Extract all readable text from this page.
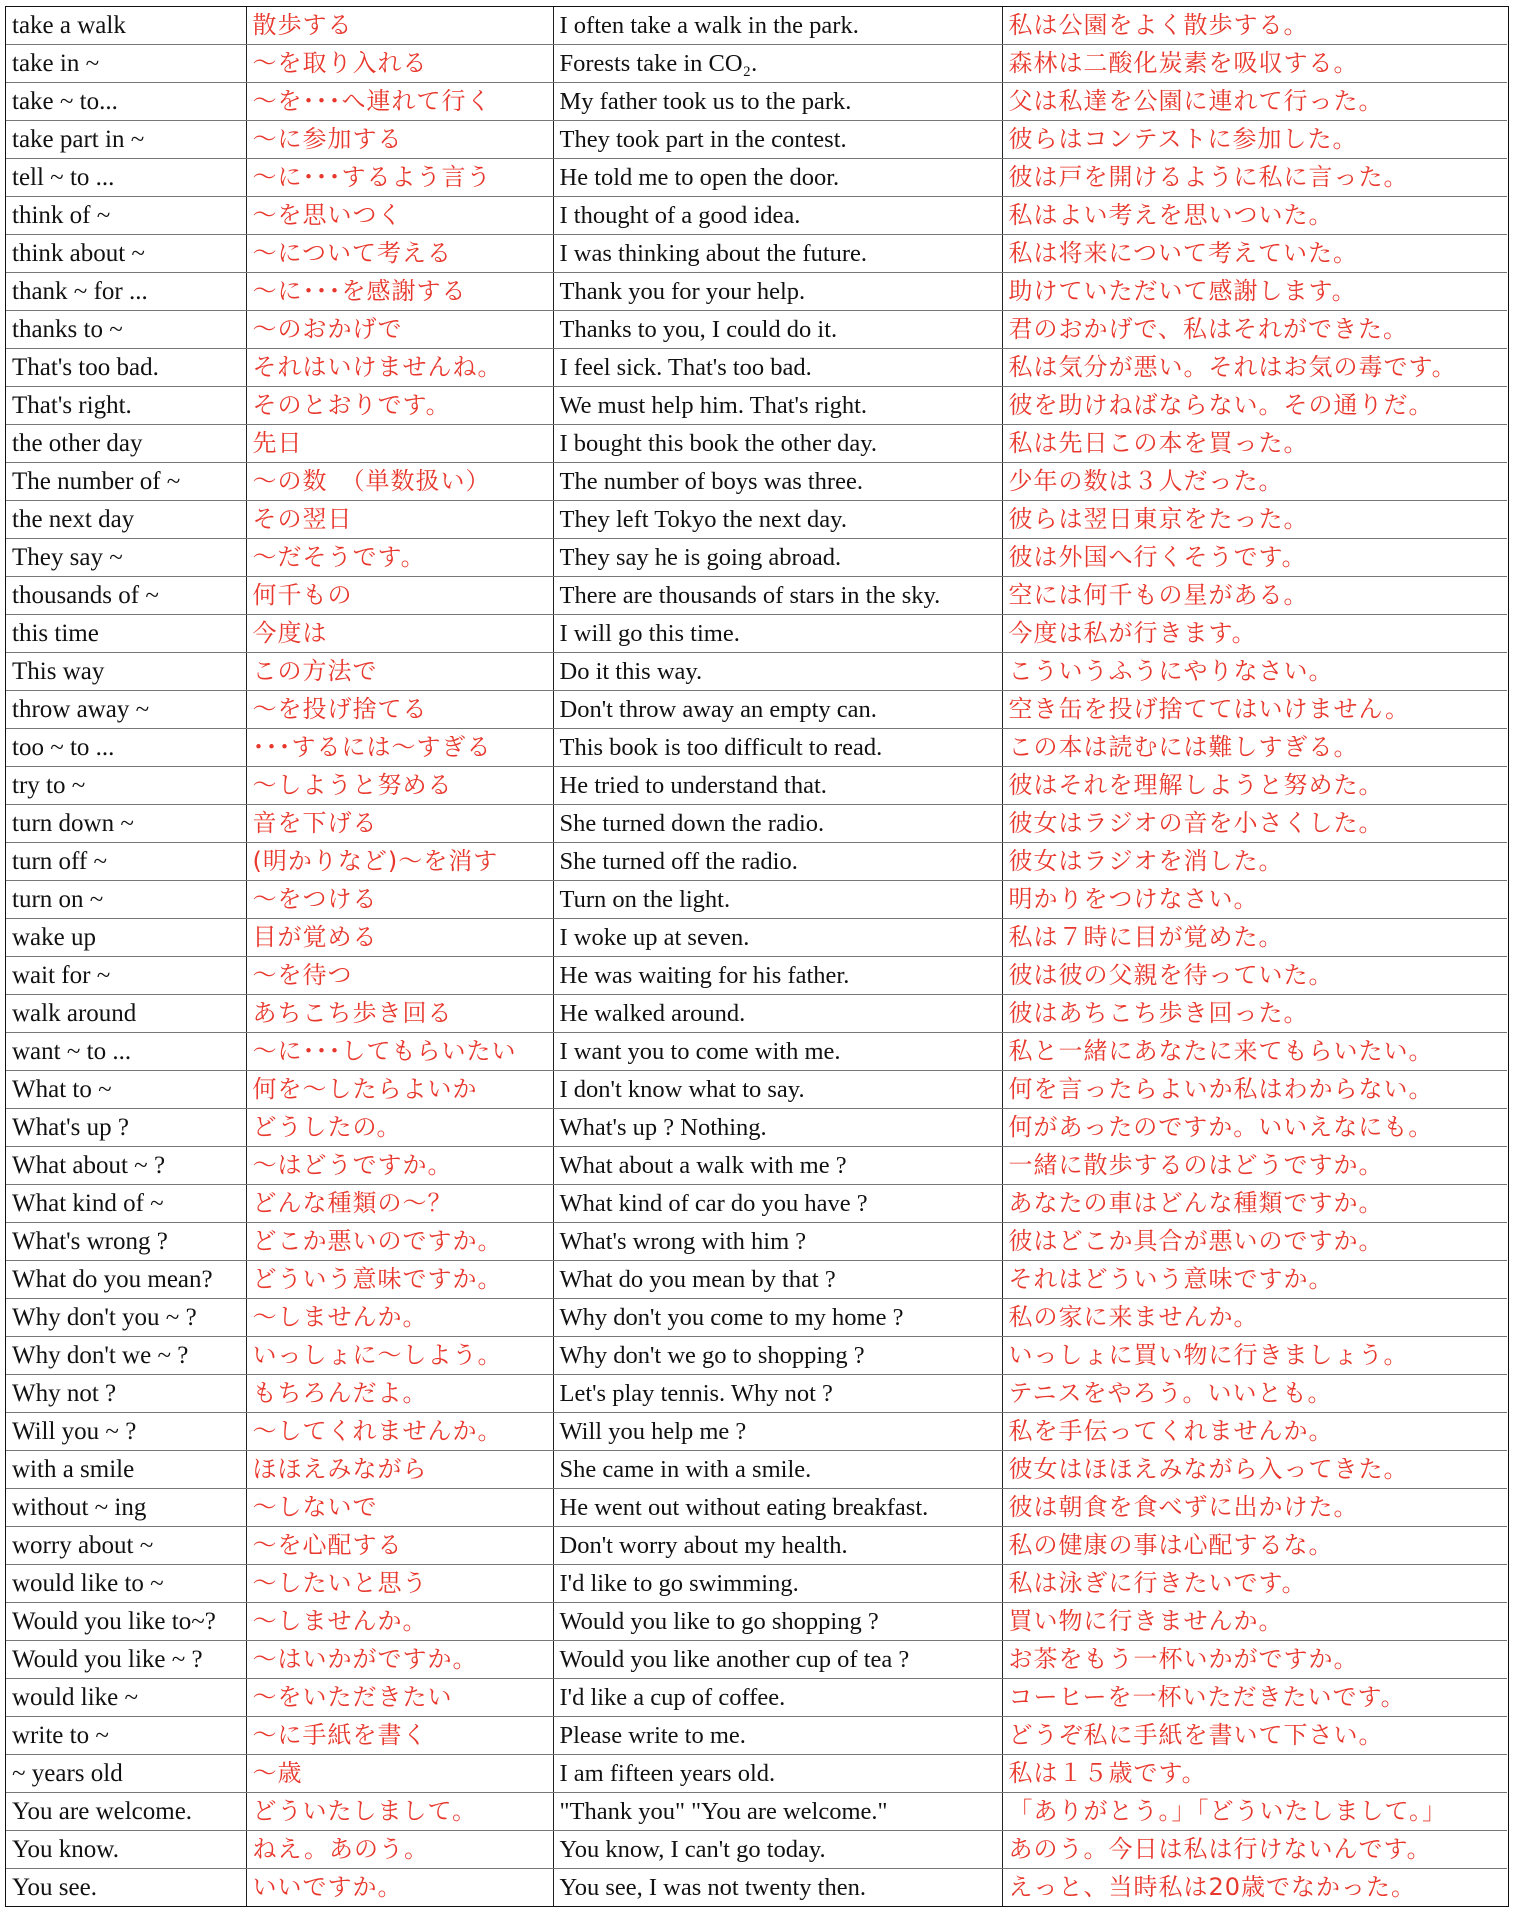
take a walk	散歩する	I often take a walk in the park.	私は公園をよく散歩する。
take in ~	～を取り入れる	Forests take in CO₂.	森林は二酸化炭素を吸収する。
take ~ to...	～を･･･へ連れて行く	My father took us to the park.	父は私達を公園に連れて行った。
take part in ~	～に参加する	They took part in the contest.	彼らはコンテストに参加した。
tell ~ to ...	～に･･･するよう言う	He told me to open the door.	彼は戸を開けるように私に言った。
think of ~	～を思いつく	I thought of a good idea.	私はよい考えを思いついた。
think about ~	～について考える	I was thinking about the future.	私は将来について考えていた。
thank ~ for ...	～に･･･を感謝する	Thank you for your help.	助けていただいて感謝します。
thanks to ~	～のおかげで	Thanks to you, I could do it.	君のおかげで、私はそれができた。
That's too bad.	それはいけませんね。	I feel sick. That's too bad.	私は気分が悪い。それはお気の毒です。
That's right.	そのとおりです。	We must help him. That's right.	彼を助けねばならない。その通りだ。
the other day	先日	I bought this book the other day.	私は先日この本を買った。
The number of ~	～の数　（単数扱い）	The number of boys was three.	少年の数は３人だった。
the next day	その翌日	They left Tokyo the next day.	彼らは翌日東京をたった。
They say ~	～だそうです。	They say he is going abroad.	彼は外国へ行くそうです。
thousands of ~	何千もの	There are thousands of stars in the sky.	空には何千もの星がある。
this time	今度は	I will go this time.	今度は私が行きます。
This way	この方法で	Do it this way.	こういうふうにやりなさい。
throw away ~	～を投げ捨てる	Don't throw away an empty can.	空き缶を投げ捨ててはいけません。
too ~ to ...	･･･するには～すぎる	This book is too difficult to read.	この本は読むには難しすぎる。
try to ~	～しようと努める	He tried to understand that.	彼はそれを理解しようと努めた。
turn down ~	音を下げる	She turned down the radio.	彼女はラジオの音を小さくした。
turn off ~	(明かりなど)～を消す	She turned off the radio.	彼女はラジオを消した。
turn on ~	～をつける	Turn on the light.	明かりをつけなさい。
wake up	目が覚める	I woke up at seven.	私は７時に目が覚めた。
wait for ~	～を待つ	He was waiting for his father.	彼は彼の父親を待っていた。
walk around	あちこち歩き回る	He walked around.	彼はあちこち歩き回った。
want ~ to ...	～に･･･してもらいたい	I want you to come with me.	私と一緒にあなたに来てもらいたい。
What to ~	何を～したらよいか	I don't know what to say.	何を言ったらよいか私はわからない。
What's up ?	どうしたの。	What's up ? Nothing.	何があったのですか。いいえなにも。
What about ~ ?	～はどうですか。	What about a walk with me ?	一緒に散歩するのはどうですか。
What kind of ~	どんな種類の～？	What kind of car do you have ?	あなたの車はどんな種類ですか。
What's wrong ?	どこか悪いのですか。	What's wrong with him ?	彼はどこか具合が悪いのですか。
What do you mean?	どういう意味ですか。	What do you mean by that ?	それはどういう意味ですか。
Why don't you ~ ?	～しませんか。	Why don't you come to my home ?	私の家に来ませんか。
Why don't we ~ ?	いっしょに～しよう。	Why don't we go to shopping ?	いっしょに買い物に行きましょう。
Why not ?	もちろんだよ。	Let's play tennis. Why not ?	テニスをやろう。いいとも。
Will you ~ ?	～してくれませんか。	Will you help me ?	私を手伝ってくれませんか。
with a smile	ほほえみながら	She came in with a smile.	彼女はほほえみながら入ってきた。
without ~ ing	～しないで	He went out without eating breakfast.	彼は朝食を食べずに出かけた。
worry about ~	～を心配する	Don't worry about my health.	私の健康の事は心配するな。
would like to ~	～したいと思う	I'd like to go swimming.	私は泳ぎに行きたいです。
Would you like to~?	～しませんか。	Would you like to go shopping ?	買い物に行きませんか。
Would you like ~ ?	～はいかがですか。	Would you like another cup of tea ?	お茶をもう一杯いかがですか。
would like ~	～をいただきたい	I'd like a cup of coffee.	コーヒーを一杯いただきたいです。
write to ~	～に手紙を書く	Please write to me.	どうぞ私に手紙を書いて下さい。
~ years old	～歳	I am fifteen years old.	私は１５歳です。
You are welcome.	どういたしまして。	"Thank you" "You are welcome."	「ありがとう。」「どういたしまして。」
You know.	ねえ。あのう。	You know, I can't go today.	あのう。今日は私は行けないんです。
You see.	いいですか。	You see, I was not twenty then.	えっと、当時私は20歳でなかった。
